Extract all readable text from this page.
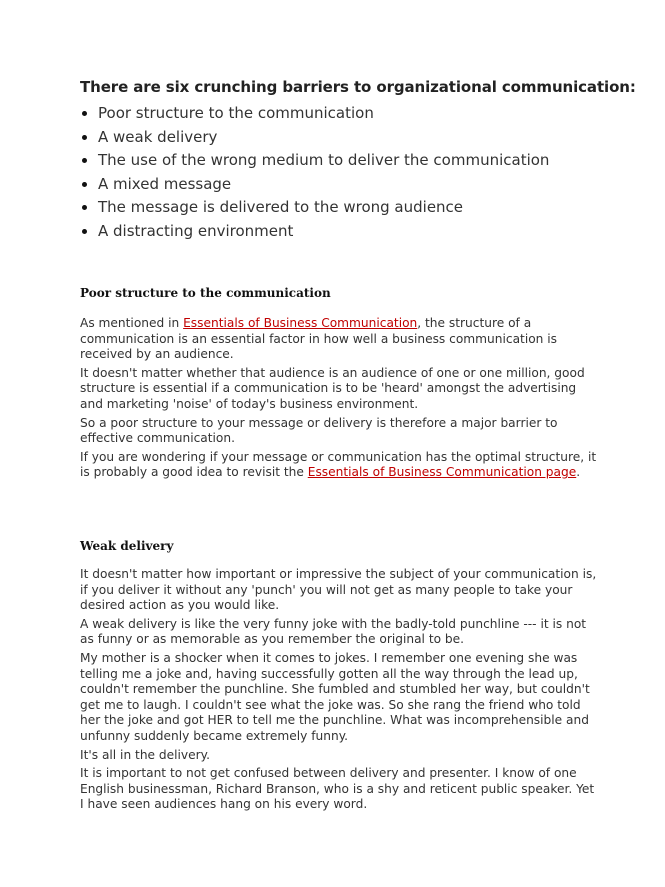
There are six crunching barriers to organizational communication:

Poor structure to the communication
A weak delivery
The use of the wrong medium to deliver the communication
A mixed message
The message is delivered to the wrong audience
A distracting environment
Poor structure to the communication

As mentioned in Essentials of Business Communication, the structure of a communication is an essential factor in how well a business communication is received by an audience.

It doesn't matter whether that audience is an audience of one or one million, good structure is essential if a communication is to be 'heard' amongst the advertising and marketing 'noise' of today's business environment.

So a poor structure to your message or delivery is therefore a major barrier to effective communication.

If you are wondering if your message or communication has the optimal structure, it is probably a good idea to revisit the Essentials of Business Communication page.

Weak delivery

It doesn't matter how important or impressive the subject of your communication is, if you deliver it without any 'punch' you will not get as many people to take your desired action as you would like.

A weak delivery is like the very funny joke with the badly-told punchline --- it is not as funny or as memorable as you remember the original to be.

My mother is a shocker when it comes to jokes. I remember one evening she was telling me a joke and, having successfully gotten all the way through the lead up, couldn't remember the punchline. She fumbled and stumbled her way, but couldn't get me to laugh. I couldn't see what the joke was. So she rang the friend who told her the joke and got HER to tell me the punchline. What was incomprehensible and unfunny suddenly became extremely funny.

It's all in the delivery.

It is important to not get confused between delivery and presenter. I know of one English businessman, Richard Branson, who is a shy and reticent public speaker. Yet I have seen audiences hang on his every word.
